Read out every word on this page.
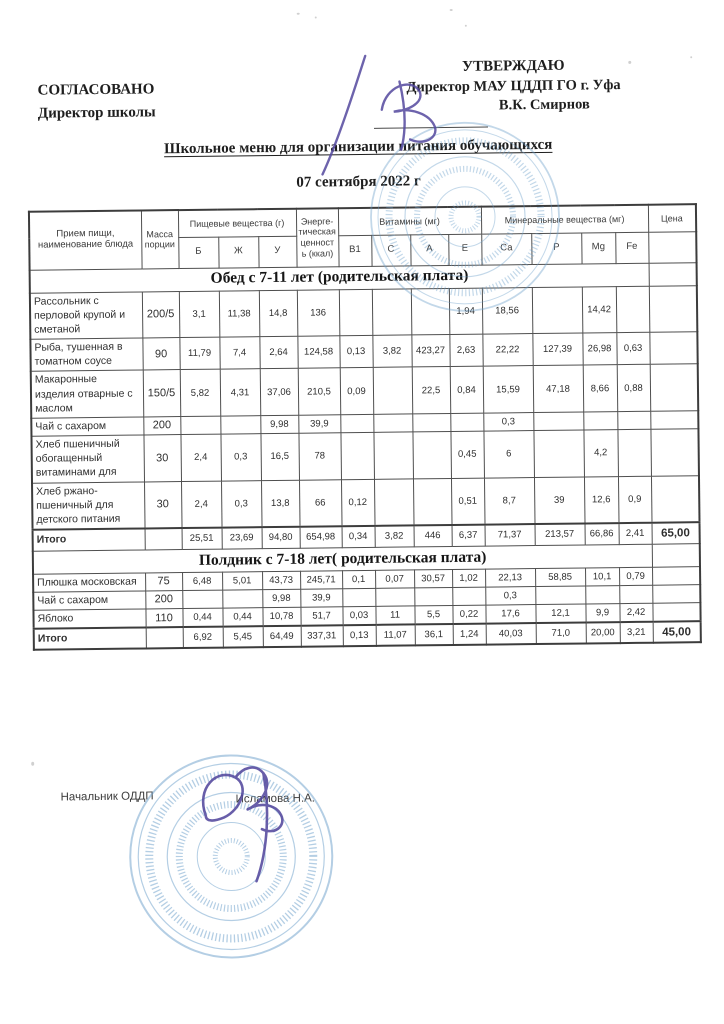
СОГЛАСОВАНО
Директор школы
УТВЕРЖДАЮ
Директор МАУ ЦДДП ГО г. Уфа
В.К. Смирнов
Школьное меню для организации питания обучающихся
07 сентября 2022 г
Прием пищи, наименование блюда	Масса порции	Пищевые вещества (г)			Энерге- тическая ценност ь (ккал)	Витамины (мг)				Минеральные вещества (мг)				Цена
		Б	Ж	У		В1	С	А	Е	Са	Р	Mg	Fe	
Обед с 7-11 лет (родительская плата)														
Рассольник с перловой крупой и сметаной	200/5	3,1	11,38	14,8	136				1,94	18,56		14,42		
Рыба, тушенная в томатном соусе	90	11,79	7,4	2,64	124,58	0,13	3,82	423,27	2,63	22,22	127,39	26,98	0,63	
Макаронные изделия отварные с маслом	150/5	5,82	4,31	37,06	210,5	0,09		22,5	0,84	15,59	47,18	8,66	0,88	
Чай с сахаром	200			9,98	39,9					0,3				
Хлеб пшеничный обогащенный витаминами для	30	2,4	0,3	16,5	78				0,45	6		4,2		
Хлеб ржано-пшеничный для детского питания	30	2,4	0,3	13,8	66	0,12			0,51	8,7	39	12,6	0,9	
Итого		25,51	23,69	94,80	654,98	0,34	3,82	446	6,37	71,37	213,57	66,86	2,41	65,00
Полдник с 7-18 лет( родительская плата)														
Плюшка московская	75	6,48	5,01	43,73	245,71	0,1	0,07	30,57	1,02	22,13	58,85	10,1	0,79	
Чай с сахаром	200			9,98	39,9					0,3				
Яблоко	110	0,44	0,44	10,78	51,7	0,03	11	5,5	0,22	17,6	12,1	9,9	2,42	
Итого		6,92	5,45	64,49	337,31	0,13	11,07	36,1	1,24	40,03	71,0	20,00	3,21	45,00
Начальник ОДДП	Исламова Н.А.
